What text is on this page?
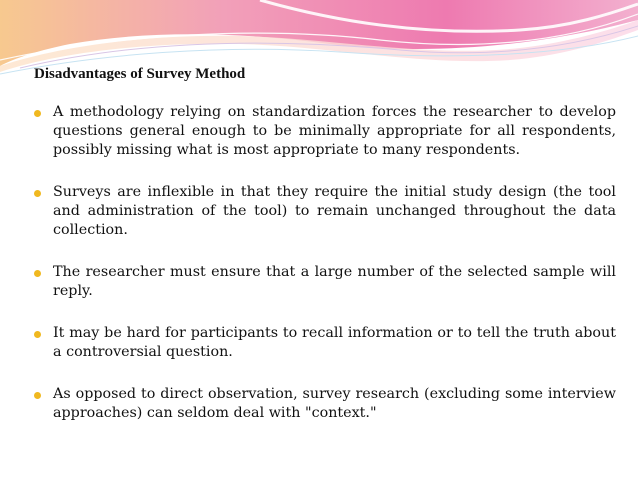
Disadvantages of Survey Method
A methodology relying on standardization forces the researcher to develop questions general enough to be minimally appropriate for all respondents, possibly missing what is most appropriate to many respondents.
Surveys are inflexible in that they require the initial study design (the tool and administration of the tool) to remain unchanged throughout the data collection.
The researcher must ensure that a large number of the selected sample will reply.
It may be hard for participants to recall information or to tell the truth about a controversial question.
As opposed to direct observation, survey research (excluding some interview approaches) can seldom deal with "context."
